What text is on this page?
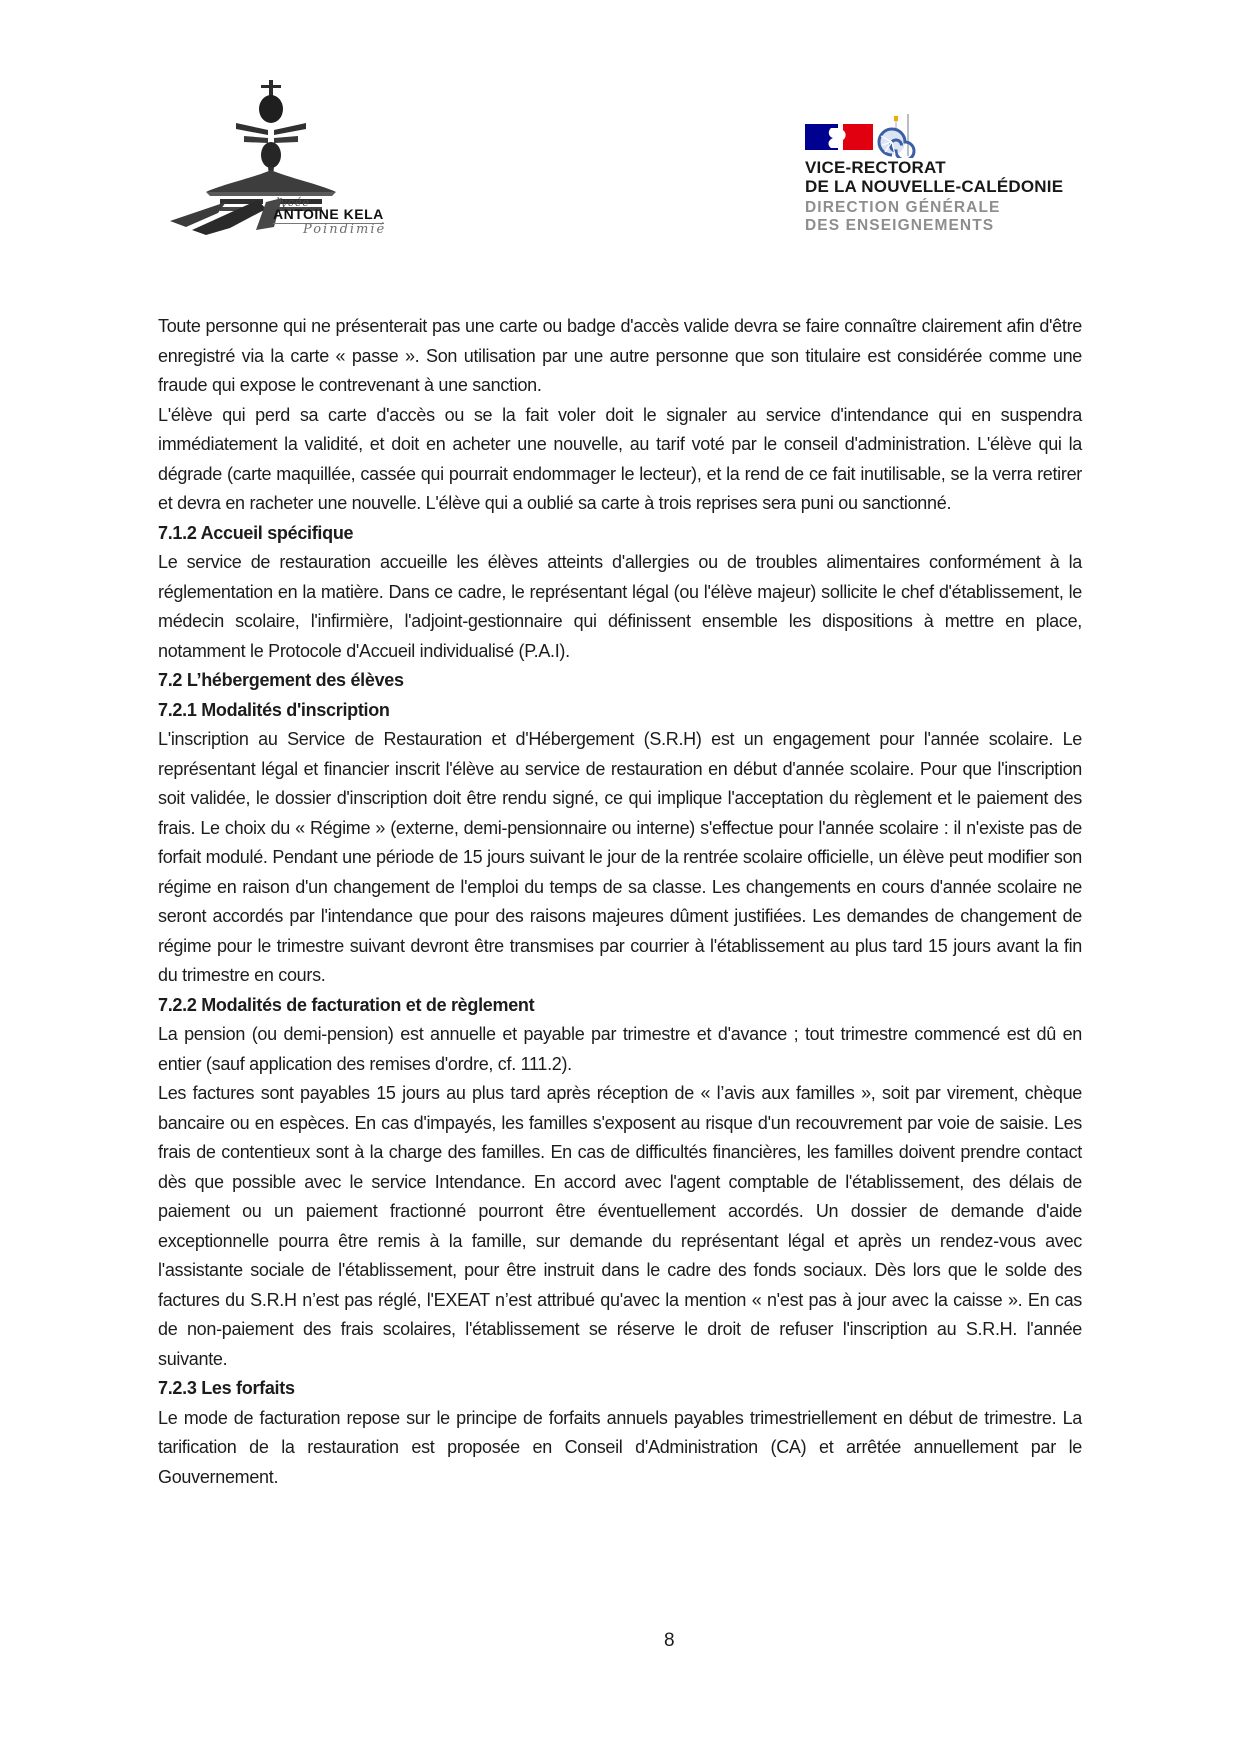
lycée
ANTOINE KELA
Poindimié
VICE-RECTORAT
DE LA NOUVELLE-CALÉDONIE
DIRECTION GÉNÉRALE
DES ENSEIGNEMENTS

Toute personne qui ne présenterait pas une carte ou badge d'accès valide devra se faire connaître clairement afin d'être enregistré via la carte « passe ». Son utilisation par une autre personne que son titulaire est considérée comme une fraude qui expose le contrevenant à une sanction.

L'élève qui perd sa carte d'accès ou se la fait voler doit le signaler au service d'intendance qui en suspendra immédiatement la validité, et doit en acheter une nouvelle, au tarif voté par le conseil d'administration. L'élève qui la dégrade (carte maquillée, cassée qui pourrait endommager le lecteur), et la rend de ce fait inutilisable, se la verra retirer et devra en racheter une nouvelle. L'élève qui a oublié sa carte à trois reprises sera puni ou sanctionné.

7.1.2 Accueil spécifique

Le service de restauration accueille les élèves atteints d'allergies ou de troubles alimentaires conformément à la réglementation en la matière. Dans ce cadre, le représentant légal (ou l'élève majeur) sollicite le chef d'établissement, le médecin scolaire, l'infirmière, l'adjoint-gestionnaire qui définissent ensemble les dispositions à mettre en place, notamment le Protocole d'Accueil individualisé (P.A.I).

7.2 L’hébergement des élèves
7.2.1 Modalités d'inscription

L'inscription au Service de Restauration et d'Hébergement (S.R.H) est un engagement pour l'année scolaire. Le représentant légal et financier inscrit l'élève au service de restauration en début d'année scolaire. Pour que l'inscription soit validée, le dossier d'inscription doit être rendu signé, ce qui implique l'acceptation du règlement et le paiement des frais. Le choix du « Régime » (externe, demi-pensionnaire ou interne) s'effectue pour l'année scolaire : il n'existe pas de forfait modulé. Pendant une période de 15 jours suivant le jour de la rentrée scolaire officielle, un élève peut modifier son régime en raison d'un changement de l'emploi du temps de sa classe. Les changements en cours d'année scolaire ne seront accordés par l'intendance que pour des raisons majeures dûment justifiées. Les demandes de changement de régime pour le trimestre suivant devront être transmises par courrier à l'établissement au plus tard 15 jours avant la fin du trimestre en cours.

7.2.2 Modalités de facturation et de règlement

La pension (ou demi-pension) est annuelle et payable par trimestre et d'avance ; tout trimestre commencé est dû en entier (sauf application des remises d'ordre, cf. 111.2).

Les factures sont payables 15 jours au plus tard après réception de « l’avis aux familles », soit par virement, chèque bancaire ou en espèces. En cas d'impayés, les familles s'exposent au risque d'un recouvrement par voie de saisie. Les frais de contentieux sont à la charge des familles. En cas de difficultés financières, les familles doivent prendre contact dès que possible avec le service Intendance. En accord avec l'agent comptable de l'établissement, des délais de paiement ou un paiement fractionné pourront être éventuellement accordés. Un dossier de demande d'aide exceptionnelle pourra être remis à la famille, sur demande du représentant légal et après un rendez-vous avec l'assistante sociale de l'établissement, pour être instruit dans le cadre des fonds sociaux. Dès lors que le solde des factures du S.R.H n’est pas réglé, l'EXEAT n’est attribué qu'avec la mention « n'est pas à jour avec la caisse ». En cas de non-paiement des frais scolaires, l'établissement se réserve le droit de refuser l'inscription au S.R.H. l'année suivante.

7.2.3 Les forfaits

Le mode de facturation repose sur le principe de forfaits annuels payables trimestriellement en début de trimestre. La tarification de la restauration est proposée en Conseil d'Administration (CA) et arrêtée annuellement par le Gouvernement.

8
